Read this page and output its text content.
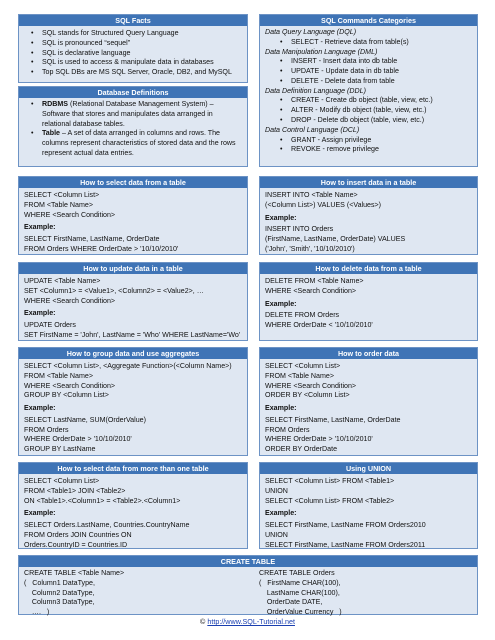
SQL Facts
• SQL stands for Structured Query Language
• SQL is pronounced “sequel”
• SQL is declarative language
• SQL is used to access & manipulate data in databases
• Top SQL DBs are MS SQL Server, Oracle, DB2, and MySQL
Database Definitions
• RDBMS (Relational Database Management System) – Software that stores and manipulates data arranged in relational database tables.
• Table – A set of data arranged in columns and rows. The columns represent characteristics of stored data and the rows represent actual data entries.
SQL Commands Categories
Data Query Language (DQL)
• SELECT - Retrieve data from table(s)
Data Manipulation Language (DML)
• INSERT - Insert data into db table
• UPDATE - Update data in db table
• DELETE - Delete data from table
Data Definition Language (DDL)
• CREATE - Create db object (table, view, etc.)
• ALTER - Modify db object (table, view, etc.)
• DROP - Delete db object (table, view, etc.)
Data Control Language (DCL)
• GRANT - Assign privilege
• REVOKE - remove privilege
How to select data from a table
SELECT <Column List>
FROM <Table Name>
WHERE <Search Condition>
Example:
SELECT FirstName, LastName, OrderDate
FROM Orders WHERE OrderDate > '10/10/2010'
How to insert data in a table
INSERT INTO <Table Name>
(<Column List>) VALUES (<Values>)
Example:
INSERT INTO Orders
(FirstName, LastName, OrderDate) VALUES
('John', 'Smith', '10/10/2010')
How to update data in a table
UPDATE <Table Name>
SET <Column1> = <Value1>, <Column2> = <Value2>, …
WHERE <Search Condition>
Example:
UPDATE Orders
SET FirstName = 'John', LastName = 'Who' WHERE LastName='Wo'
How to delete data from a table
DELETE FROM <Table Name>
WHERE <Search Condition>
Example:
DELETE FROM Orders
WHERE OrderDate < '10/10/2010'
How to group data and use aggregates
SELECT <Column List>, <Aggregate Function>(<Column Name>)
FROM <Table Name>
WHERE <Search Condition>
GROUP BY <Column List>
Example:
SELECT LastName, SUM(OrderValue)
FROM Orders
WHERE OrderDate > '10/10/2010'
GROUP BY LastName
How to order data
SELECT <Column List>
FROM <Table Name>
WHERE <Search Condition>
ORDER BY <Column List>
Example:
SELECT FirstName, LastName, OrderDate
FROM Orders
WHERE OrderDate > '10/10/2010'
ORDER BY OrderDate
How to select data from more than one table
SELECT <Column List>
FROM <Table1> JOIN <Table2>
ON <Table1>.<Column1> = <Table2>.<Column1>
Example:
SELECT Orders.LastName, Countries.CountryName
FROM Orders JOIN Countries ON
Orders.CountryID = Countries.ID
Using UNION
SELECT <Column List> FROM <Table1>
UNION
SELECT <Column List> FROM <Table2>
Example:
SELECT FirstName, LastName FROM Orders2010
UNION
SELECT FirstName, LastName FROM Orders2011
CREATE TABLE
CREATE TABLE <Table Name>
(   Column1 DataType,
Column2 DataType,
Column3 DataType,
….   )
CREATE TABLE Orders
(   FirstName CHAR(100),
LastName CHAR(100),
OrderDate DATE,
OrderValue Currency   )
© http://www.SQL-Tutorial.net
